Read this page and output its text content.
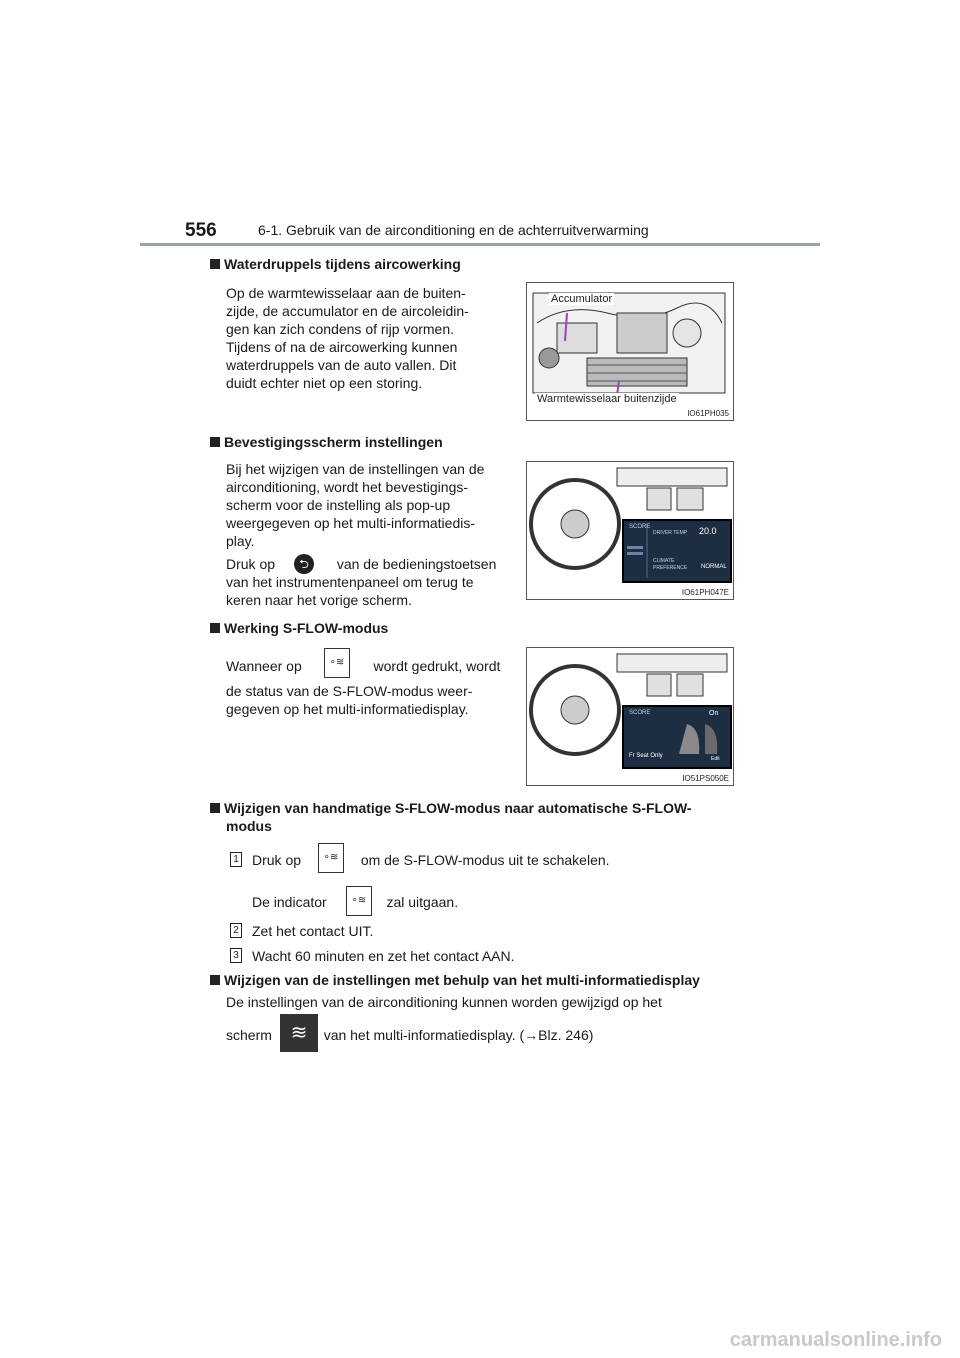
556	6-1. Gebruik van de airconditioning en de achterruitverwarming
Waterdruppels tijdens aircowerking
Op de warmtewisselaar aan de buiten-
zijde, de accumulator en de aircoleidin-
gen kan zich condens of rijp vormen.
Tijdens of na de aircowerking kunnen
waterdruppels van de auto vallen. Dit
duidt echter niet op een storing.
Accumulator
Warmtewisselaar buitenzijde
IO61PH035
Bevestigingsscherm instellingen
Bij het wijzigen van de instellingen van de
airconditioning, wordt het bevestigings-
scherm voor de instelling als pop-up
weergegeven op het multi-informatiedis-
play.
Druk op	van de bedieningstoetsen
⮌
van het instrumentenpaneel om terug te
keren naar het vorige scherm.
SCORE
DRIVER TEMP 20.0
CLIMATE
PREFERENCE	NORMAL
IO61PH047E
Werking S-FLOW-modus
Wanneer op	wordt gedrukt, wordt
∘≋
de status van de S-FLOW-modus weer-
gegeven op het multi-informatiedisplay.	SCORE	On
Fr Seat Only	Edit
IO51PS050E
Wijzigen van handmatige S-FLOW-modus naar automatische S-FLOW-
modus
1 Druk op	om de S-FLOW-modus uit te schakelen.
∘≋
De indicator	zal uitgaan.
∘≋
2 Zet het contact UIT.
3 Wacht 60 minuten en zet het contact AAN.
Wijzigen van de instellingen met behulp van het multi-informatiedisplay
De instellingen van de airconditioning kunnen worden gewijzigd op het
scherm	van het multi-informatiedisplay. (→Blz. 246)
≋
carmanualsonline.info
